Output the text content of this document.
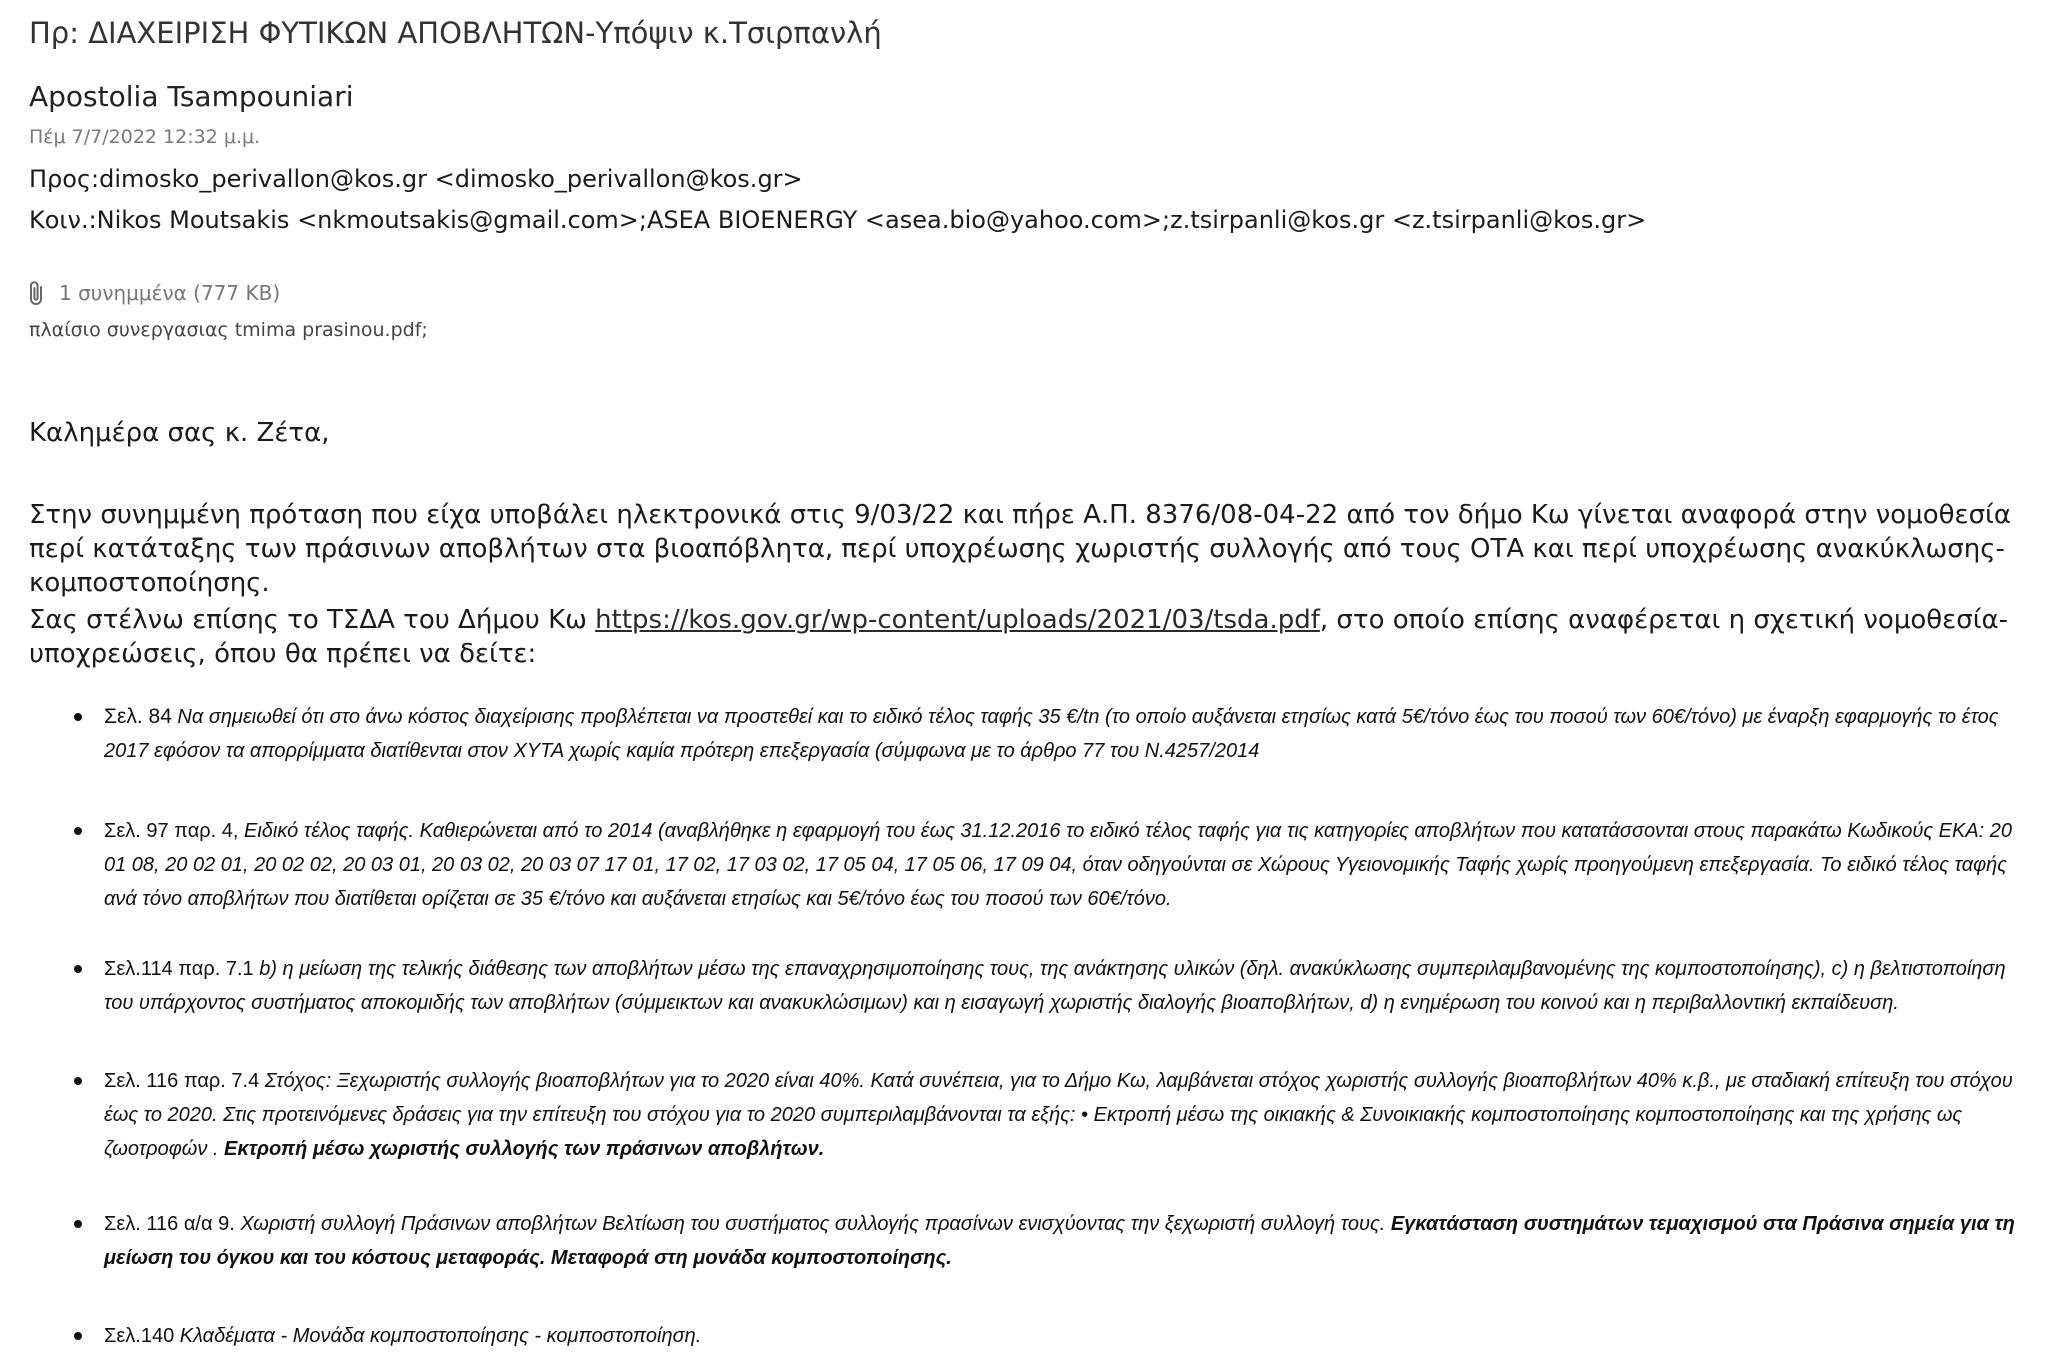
Πρ: ΔΙΑΧΕΙΡΙΣΗ ΦΥΤΙΚΩΝ ΑΠΟΒΛΗΤΩΝ-Υπόψιν κ.Τσιρπανλή
Apostolia Tsampouniari
Πέμ 7/7/2022 12:32 μ.μ.
Προς:dimosko_perivallon@kos.gr <dimosko_perivallon@kos.gr>
Κοιν.:Nikos Moutsakis <nkmoutsakis@gmail.com>;ASEA BIOENERGY <asea.bio@yahoo.com>;z.tsirpanli@kos.gr <z.tsirpanli@kos.gr>
1 συνημμένα (777 KB)
πλαίσιο συνεργασιας tmima prasinou.pdf;
Καλημέρα σας κ. Ζέτα,
Στην συνημμένη πρόταση που είχα υποβάλει ηλεκτρονικά στις 9/03/22 και πήρε Α.Π. 8376/08-04-22 από τον δήμο Κω γίνεται αναφορά στην νομοθεσία περί κατάταξης των πράσινων αποβλήτων στα βιοαπόβλητα, περί υποχρέωσης χωριστής συλλογής από τους ΟΤΑ και περί υποχρέωσης ανακύκλωσης-κομποστοποίησης.
Σας στέλνω επίσης το ΤΣΔΑ του Δήμου Κω https://kos.gov.gr/wp-content/uploads/2021/03/tsda.pdf, στο οποίο επίσης αναφέρεται η σχετική νομοθεσία-υποχρεώσεις, όπου θα πρέπει να δείτε:
Σελ. 84 Να σημειωθεί ότι στο άνω κόστος διαχείρισης προβλέπεται να προστεθεί και το ειδικό τέλος ταφής 35 €/tn (το οποίο αυξάνεται ετησίως κατά 5€/τόνο έως του ποσού των 60€/τόνο) με έναρξη εφαρμογής το έτος 2017 εφόσον τα απορρίμματα διατίθενται στον ΧΥΤΑ χωρίς καμία πρότερη επεξεργασία (σύμφωνα με το άρθρο 77 του Ν.4257/2014
Σελ. 97 παρ. 4, Ειδικό τέλος ταφής. Καθιερώνεται από το 2014 (αναβλήθηκε η εφαρμογή του έως 31.12.2016 το ειδικό τέλος ταφής για τις κατηγορίες αποβλήτων που κατατάσσονται στους παρακάτω Κωδικούς ΕΚΑ: 20 01 08, 20 02 01, 20 02 02, 20 03 01, 20 03 02, 20 03 07 17 01, 17 02, 17 03 02, 17 05 04, 17 05 06, 17 09 04, όταν οδηγούνται σε Χώρους Υγειονομικής Ταφής χωρίς προηγούμενη επεξεργασία. Το ειδικό τέλος ταφής ανά τόνο αποβλήτων που διατίθεται ορίζεται σε 35 €/τόνο και αυξάνεται ετησίως και 5€/τόνο έως του ποσού των 60€/τόνο.
Σελ.114 παρ. 7.1 b) η μείωση της τελικής διάθεσης των αποβλήτων μέσω της επαναχρησιμοποίησης τους, της ανάκτησης υλικών (δηλ. ανακύκλωσης συμπεριλαμβανομένης της κομποστοποίησης), c) η βελτιστοποίηση του υπάρχοντος συστήματος αποκομιδής των αποβλήτων (σύμμεικτων και ανακυκλώσιμων) και η εισαγωγή χωριστής διαλογής βιοαποβλήτων, d) η ενημέρωση του κοινού και η περιβαλλοντική εκπαίδευση.
Σελ. 116 παρ. 7.4 Στόχος: Ξεχωριστής συλλογής βιοαποβλήτων για το 2020 είναι 40%. Κατά συνέπεια, για το Δήμο Κω, λαμβάνεται στόχος χωριστής συλλογής βιοαποβλήτων 40% κ.β., με σταδιακή επίτευξη του στόχου έως το 2020. Στις προτεινόμενες δράσεις για την επίτευξη του στόχου για το 2020 συμπεριλαμβάνονται τα εξής: • Εκτροπή μέσω της οικιακής & Συνοικιακής κομποστοποίησης κομποστοποίησης και της χρήσης ως ζωοτροφών . Εκτροπή μέσω χωριστής συλλογής των πράσινων αποβλήτων.
Σελ. 116 α/α 9. Χωριστή συλλογή Πράσινων αποβλήτων Βελτίωση του συστήματος συλλογής πρασίνων ενισχύοντας την ξεχωριστή συλλογή τους. Εγκατάσταση συστημάτων τεμαχισμού στα Πράσινα σημεία για τη μείωση του όγκου και του κόστους μεταφοράς. Μεταφορά στη μονάδα κομποστοποίησης.
Σελ.140 Κλαδέματα - Μονάδα κομποστοποίησης - κομποστοποίηση.
